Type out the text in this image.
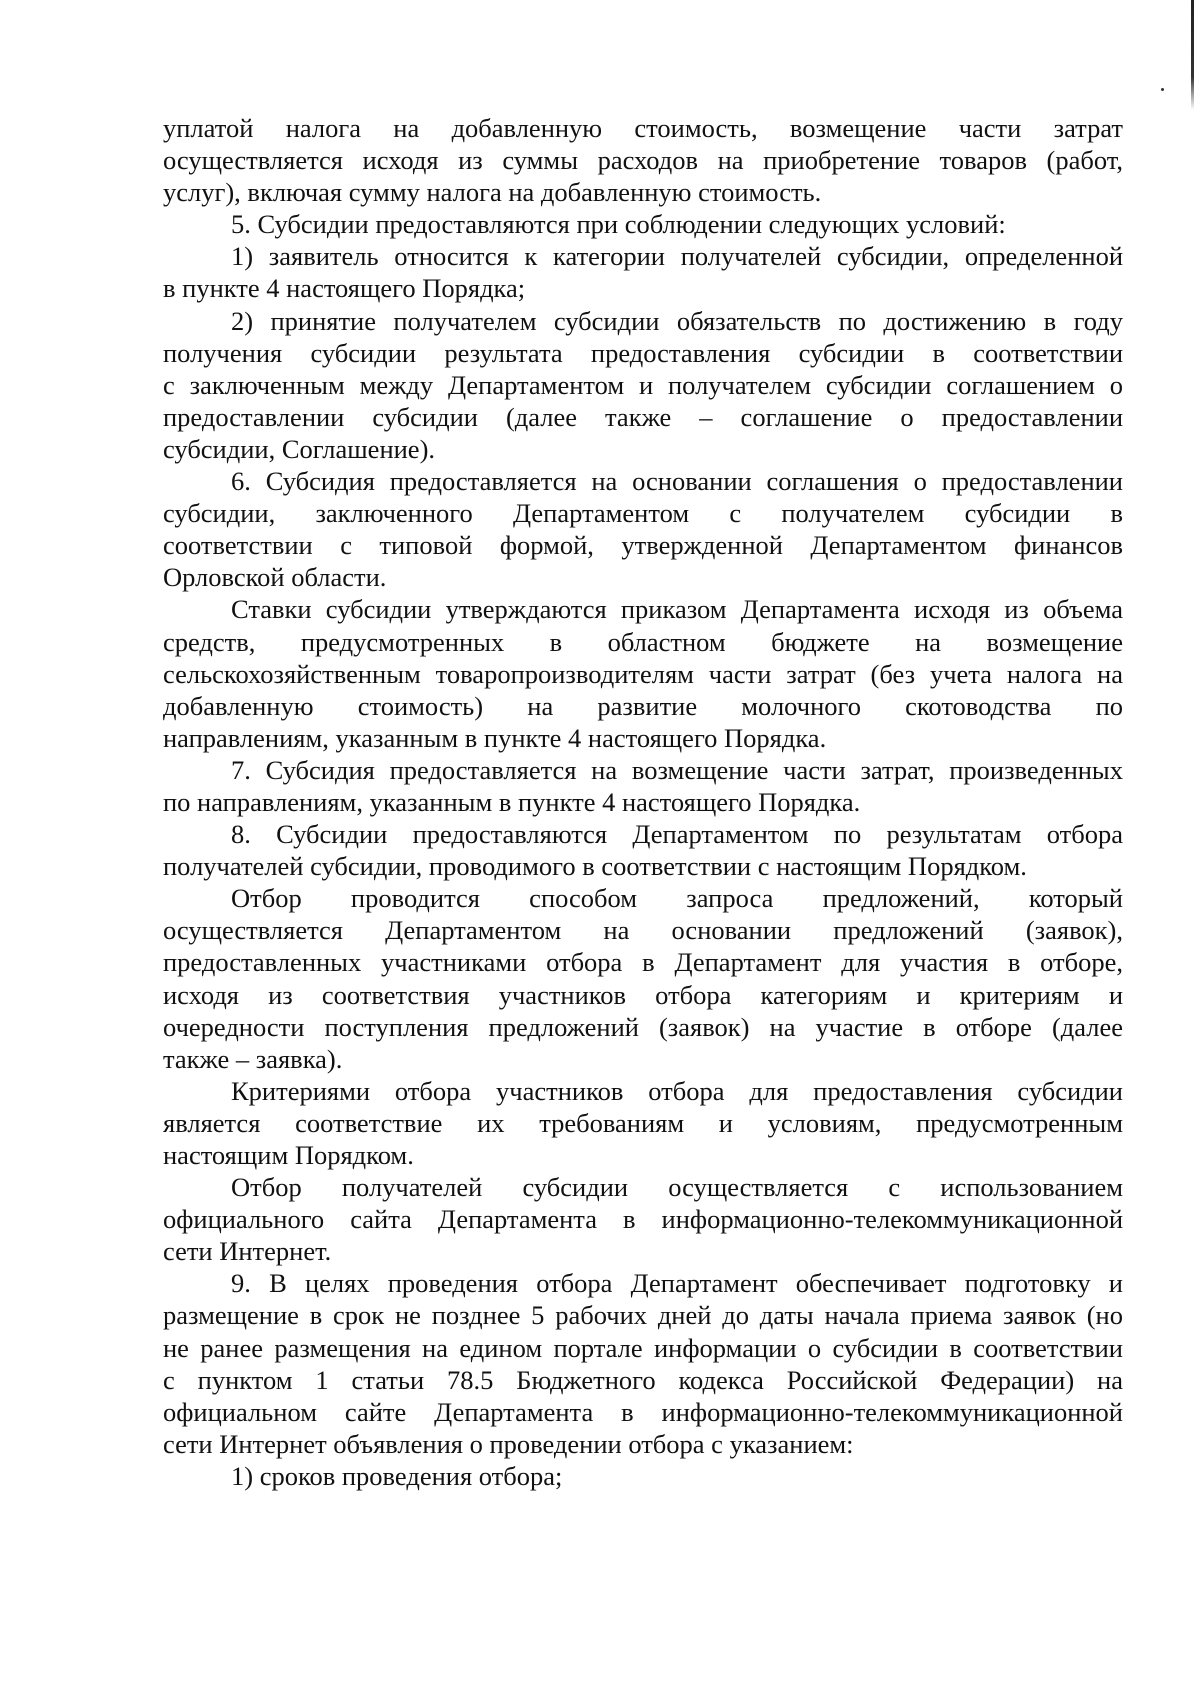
уплатой налога на добавленную стоимость, возмещение части затрат
осуществляется исходя из суммы расходов на приобретение товаров (работ,
услуг), включая сумму налога на добавленную стоимость.
5. Субсидии предоставляются при соблюдении следующих условий:
1) заявитель относится к категории получателей субсидии, определенной
в пункте 4 настоящего Порядка;
2) принятие получателем субсидии обязательств по достижению в году
получения субсидии результата предоставления субсидии в соответствии
с заключенным между Департаментом и получателем субсидии соглашением о
предоставлении субсидии (далее также – соглашение о предоставлении
субсидии, Соглашение).
6. Субсидия предоставляется на основании соглашения о предоставлении
субсидии, заключенного Департаментом с получателем субсидии в
соответствии с типовой формой, утвержденной Департаментом финансов
Орловской области.
Ставки субсидии утверждаются приказом Департамента исходя из объема
средств, предусмотренных в областном бюджете на возмещение
сельскохозяйственным товаропроизводителям части затрат (без учета налога на
добавленную стоимость) на развитие молочного скотоводства по
направлениям, указанным в пункте 4 настоящего Порядка.
7. Субсидия предоставляется на возмещение части затрат, произведенных
по направлениям, указанным в пункте 4 настоящего Порядка.
8. Субсидии предоставляются Департаментом по результатам отбора
получателей субсидии, проводимого в соответствии с настоящим Порядком.
Отбор проводится способом запроса предложений, который
осуществляется Департаментом на основании предложений (заявок),
предоставленных участниками отбора в Департамент для участия в отборе,
исходя из соответствия участников отбора категориям и критериям и
очередности поступления предложений (заявок) на участие в отборе (далее
также – заявка).
Критериями отбора участников отбора для предоставления субсидии
является соответствие их требованиям и условиям, предусмотренным
настоящим Порядком.
Отбор получателей субсидии осуществляется с использованием
официального сайта Департамента в информационно-телекоммуникационной
сети Интернет.
9. В целях проведения отбора Департамент обеспечивает подготовку и
размещение в срок не позднее 5 рабочих дней до даты начала приема заявок (но
не ранее размещения на едином портале информации о субсидии в соответствии
с пунктом 1 статьи 78.5 Бюджетного кодекса Российской Федерации) на
официальном сайте Департамента в информационно-телекоммуникационной
сети Интернет объявления о проведении отбора с указанием:
1) сроков проведения отбора;
